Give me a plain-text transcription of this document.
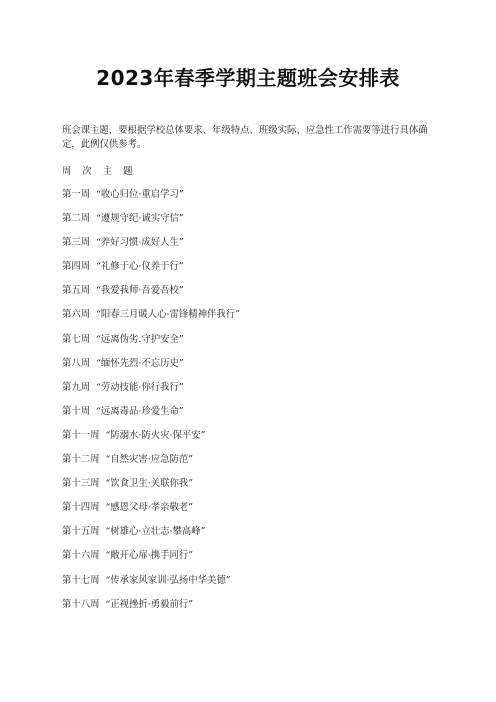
2023年春季学期主题班会安排表
班会课主题，要根据学校总体要求、年级特点、班级实际、应急性工作需要等进行具体确定，此例仅供参考。
周 次 主 题
第一周 “收心归位·重启学习”
第二周 “遵规守纪·诚实守信”
第三周 “养好习惯·成好人生”
第四周 “礼修于心·仪养于行”
第五周 “我爱我师·吾爱吾校”
第六周 “阳春三月暖人心·雷锋精神伴我行”
第七周 “远离伪劣.守护安全”
第八周 “缅怀先烈·不忘历史”
第九周 “劳动技能·你行我行”
第十周 “远离毒品·珍爱生命”
第十一周 “防溺水·防火灾·保平安”
第十二周 “自然灾害·应急防范”
第十三周 “饮食卫生·关联你我”
第十四周 “感恩父母·孝亲敬老”
第十五周 “树雄心·立壮志·攀高峰”
第十六周 “敞开心扉·携手同行”
第十七周 “传承家风家训·弘扬中华美德”
第十八周 “正视挫折·勇毅前行”
